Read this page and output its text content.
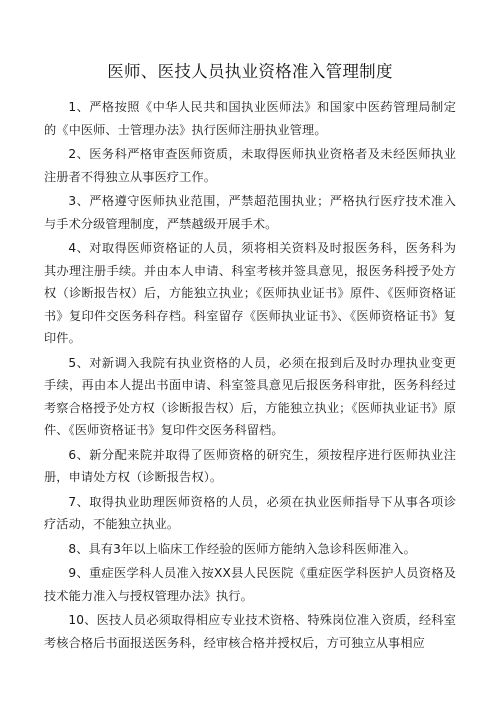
医师、医技人员执业资格准入管理制度

1、严格按照《中华人民共和国执业医师法》和国家中医药管理局制定的《中医师、士管理办法》执行医师注册执业管理。

2、医务科严格审查医师资质，未取得医师执业资格者及未经医师执业注册者不得独立从事医疗工作。

3、严格遵守医师执业范围，严禁超范围执业；严格执行医疗技术准入与手术分级管理制度，严禁越级开展手术。

4、对取得医师资格证的人员，须将相关资料及时报医务科，医务科为其办理注册手续。并由本人申请、科室考核并签具意见，报医务科授予处方权（诊断报告权）后，方能独立执业；《医师执业证书》原件、《医师资格证书》复印件交医务科存档。科室留存《医师执业证书》、《医师资格证书》复印件。

5、对新调入我院有执业资格的人员，必须在报到后及时办理执业变更手续，再由本人提出书面申请、科室签具意见后报医务科审批，医务科经过考察合格授予处方权（诊断报告权）后，方能独立执业；《医师执业证书》原件、《医师资格证书》复印件交医务科留档。

6、新分配来院并取得了医师资格的研究生，须按程序进行医师执业注册，申请处方权（诊断报告权）。

7、取得执业助理医师资格的人员，必须在执业医师指导下从事各项诊疗活动，不能独立执业。

8、具有3年以上临床工作经验的医师方能纳入急诊科医师准入。

9、重症医学科人员准入按XX县人民医院《重症医学科医护人员资格及技术能力准入与授权管理办法》执行。

10、医技人员必须取得相应专业技术资格、特殊岗位准入资质，经科室考核合格后书面报送医务科，经审核合格并授权后，方可独立从事相应
